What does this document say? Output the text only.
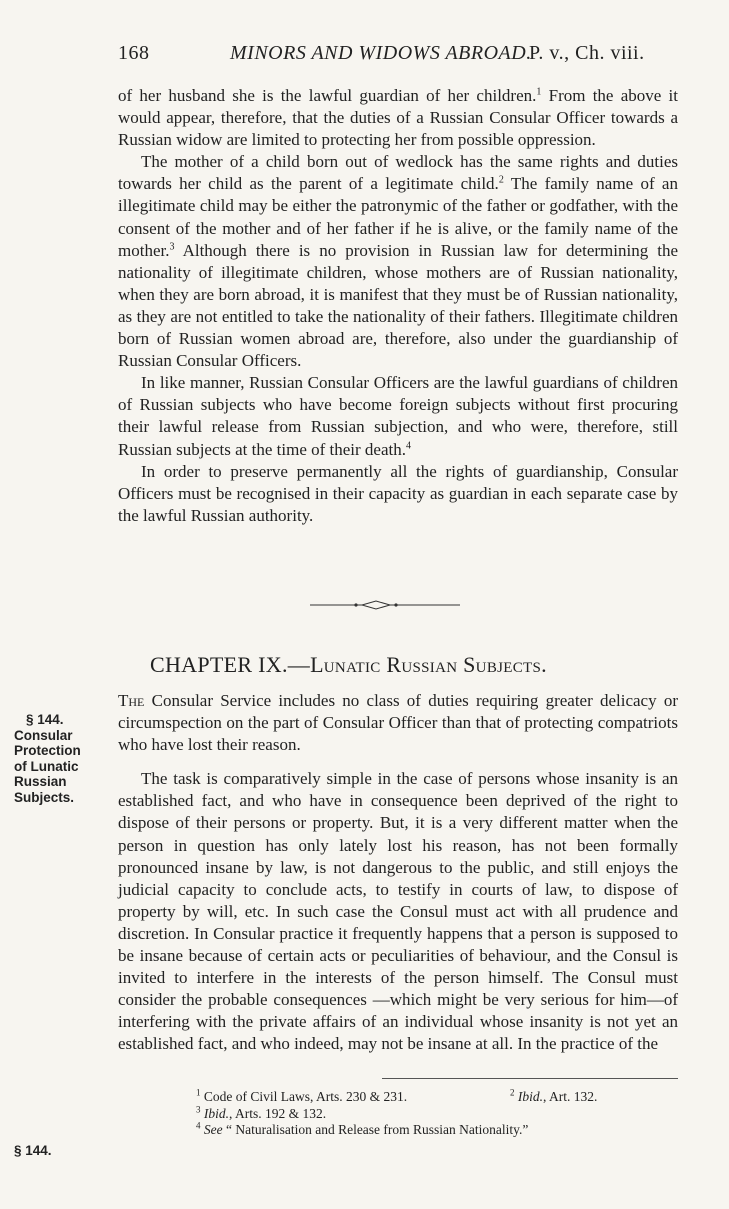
168	MINORS AND WIDOWS ABROAD.
P. v., Ch. viii.

of her husband she is the lawful guardian of her children.$^1$ From the above it would appear, therefore, that the duties of a Russian Consular Officer towards a Russian widow are limited to protecting her from possible oppression.

The mother of a child born out of wedlock has the same rights and duties towards her child as the parent of a legitimate child.$^2$ The family name of an illegitimate child may be either the patronymic of the father or godfather, with the consent of the mother and of her father if he is alive, or the family name of the mother.$^3$ Although there is no provision in Russian law for determining the nationality of illegitimate children, whose mothers are of Russian nationality, when they are born abroad, it is manifest that they must be of Russian nationality, as they are not entitled to take the nationality of their fathers. Illegitimate children born of Russian women abroad are, therefore, also under the guardianship of Russian Consular Officers.

In like manner, Russian Consular Officers are the lawful guardians of children of Russian subjects who have become foreign subjects without first procuring their lawful release from Russian subjection, and who were, therefore, still Russian subjects at the time of their death.$^4$

In order to preserve permanently all the rights of guardianship, Consular Officers must be recognised in their capacity as guardian in each separate case by the lawful Russian authority.

CHAPTER IX.—Lunatic Russian Subjects.
§ 144.
Consular
Protection
of Lunatic
Russian
Subjects.

The Consular Service includes no class of duties requiring greater delicacy or circumspection on the part of Consular Officer than that of protecting compatriots who have lost their reason.

The task is comparatively simple in the case of persons whose insanity is an established fact, and who have in consequence been deprived of the right to dispose of their persons or property. But, it is a very different matter when the person in question has only lately lost his reason, has not been formally pronounced insane by law, is not dangerous to the public, and still enjoys the judicial capacity to conclude acts, to testify in courts of law, to dispose of property by will, etc. In such case the Consul must act with all prudence and discretion. In Consular practice it frequently happens that a person is supposed to be insane because of certain acts or peculiarities of behaviour, and the Consul is invited to interfere in the interests of the person himself. The Consul must consider the probable consequences —which might be very serious for him—of interfering with the private affairs of an individual whose insanity is not yet an established fact, and who indeed, may not be insane at all. In the practice of the

$^1$ Code of Civil Laws, Arts. 230 & 231.	$^2$ Ibid., Art. 132.
$^3$ Ibid., Arts. 192 & 132.
$^4$ See “ Naturalisation and Release from Russian Nationality.”
§ 144.
